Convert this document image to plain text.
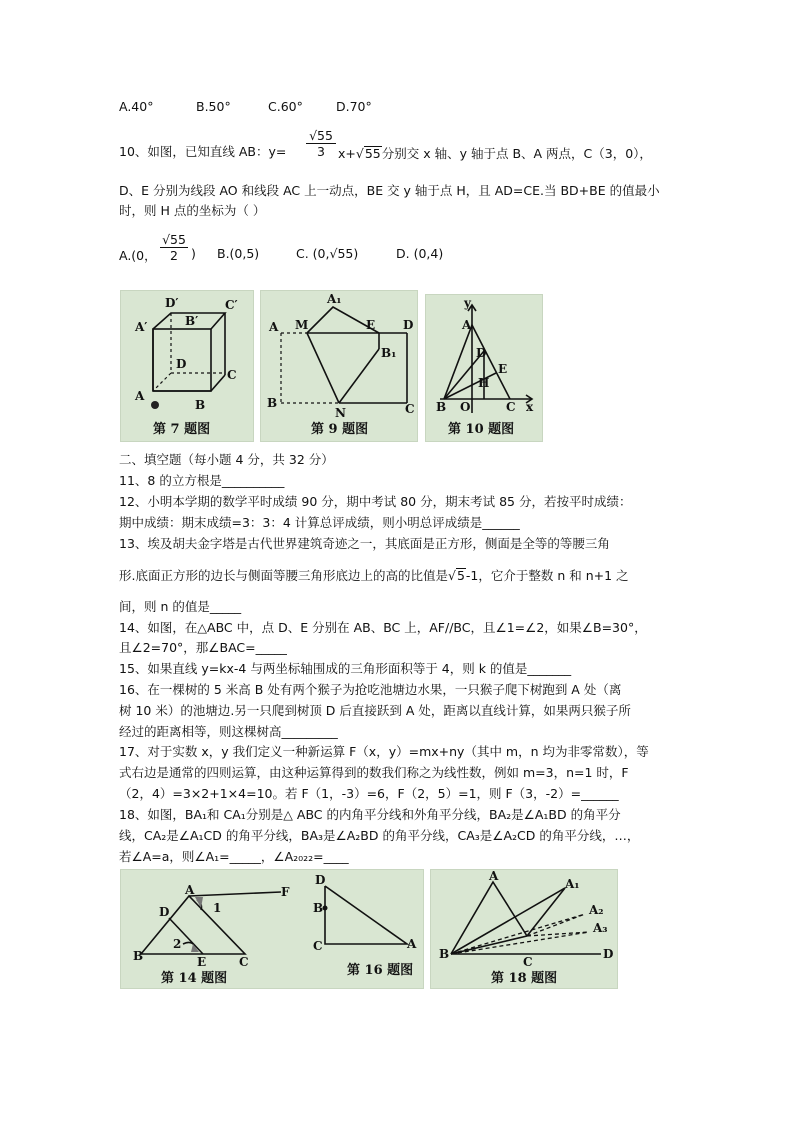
A.40°	B.50°	C.60°	D.70°
10、如图，已知直线 AB：$y= \frac{√55}{3} x+√55$分别交 x 轴、y 轴于点 B、A 两点，C（3，0），
D、E 分别为线段 AO 和线段 AC 上一动点，BE 交 y 轴于点 H，且 AD=CE.当 BD+BE 的值最小
时，则 H 点的坐标为（ ）
A.(0， $\frac{√55}{2}$ ) B.(0,5)	C. (0,√55)	D. (0,4)
D′	C′
A′	B′
D
C
A
B
第 7 题图
A₁
A M	E D
B₁
B
N	C
第 9 题图
y
A
D
E
H
B O	C x
第 10 题图
二、填空题（每小题 4 分，共 32 分）
11、8 的立方根是__________
12、小明本学期的数学平时成绩 90 分，期中考试 80 分，期末考试 85 分，若按平时成绩：
期中成绩：期末成绩=3：3：4 计算总评成绩，则小明总评成绩是______
13、埃及胡夫金字塔是古代世界建筑奇迹之一，其底面是正方形，侧面是全等的等腰三角
形.底面正方形的边长与侧面等腰三角形底边上的高的比值是√5-1，它介于整数 n 和 n+1 之
间，则 n 的值是_____
14、如图，在△ABC 中，点 D、E 分别在 AB、BC 上，AF//BC，且∠1=∠2，如果∠B=30°，
且∠2=70°，那∠BAC=_____
15、如果直线 y=kx-4 与两坐标轴围成的三角形面积等于 4，则 k 的值是_______
16、在一棵树的 5 米高 B 处有两个猴子为抢吃池塘边水果，一只猴子爬下树跑到 A 处（离
树 10 米）的池塘边.另一只爬到树顶 D 后直接跃到 A 处，距离以直线计算，如果两只猴子所
经过的距离相等，则这棵树高_________
17、对于实数 x，y 我们定义一种新运算 F（x，y）=mx+ny（其中 m，n 均为非零常数），等
式右边是通常的四则运算，由这种运算得到的数我们称之为线性数，例如 m=3，n=1 时，F
（2，4）=3×2+1×4=10。若 F（1，-3）=6，F（2，5）=1，则 F（3，-2）=______
18、如图，BA₁和 CA₁分别是△ ABC 的内角平分线和外角平分线，BA₂是∠A₁BD 的角平分
线，CA₂是∠A₁CD 的角平分线，BA₃是∠A₂BD 的角平分线，CA₃是∠A₂CD 的角平分线，…，
若∠A=a，则∠A₁=_____，∠A₂₀₂₂=____
A	F
1
D
2
B	E	C
第 14 题图
D
B
C	A
第 16 题图
A
A₁
A₂
A₃
B
C
D
第 18 题图
